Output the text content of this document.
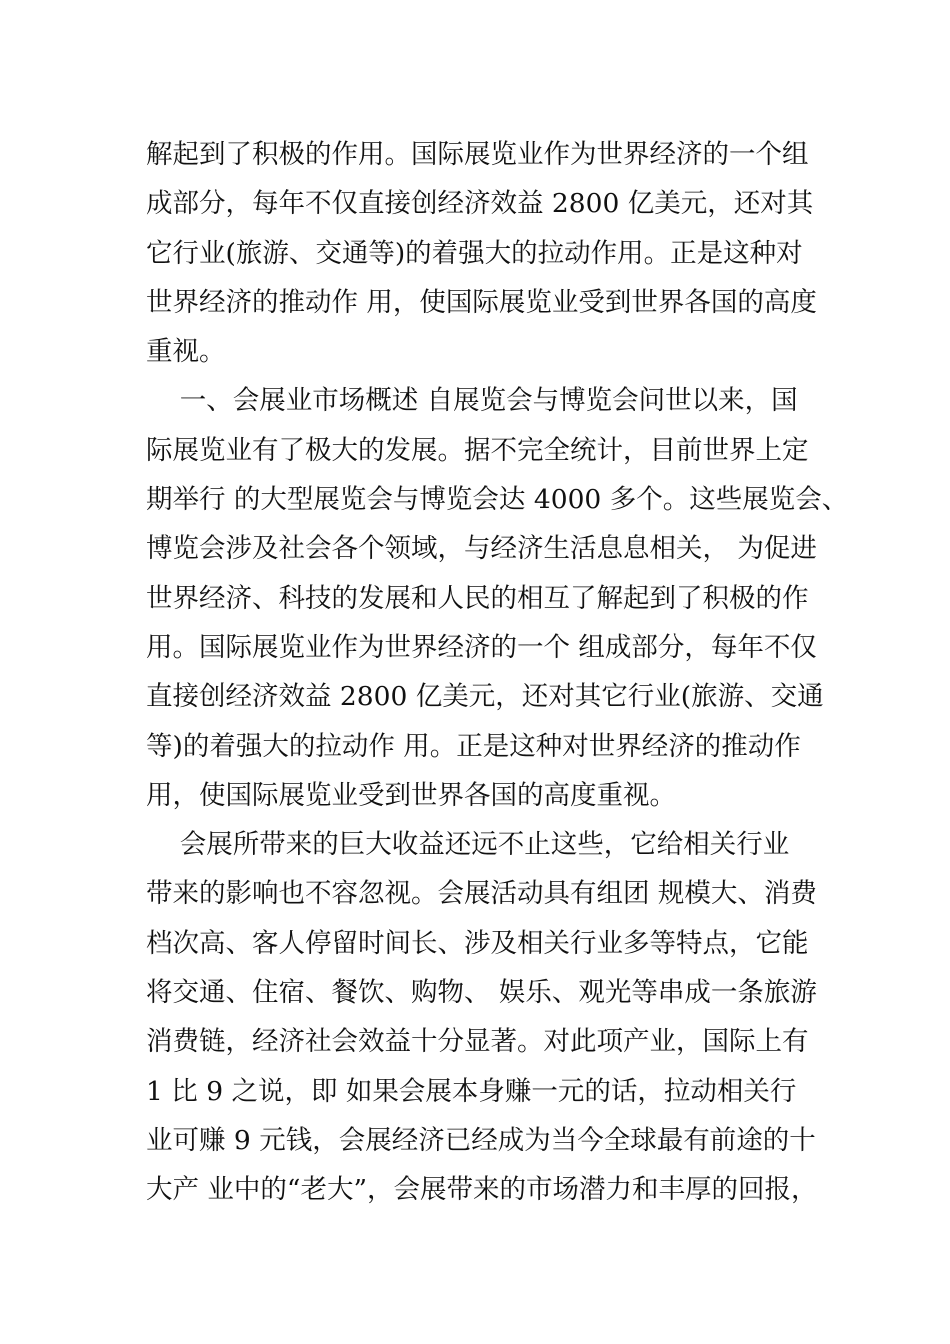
解起到了积极的作用。国际展览业作为世界经济的一个组
成部分，每年不仅直接创经济效益 2800 亿美元，还对其
它行业(旅游、交通等)的着强大的拉动作用。正是这种对
世界经济的推动作 用，使国际展览业受到世界各国的高度
重视。
一、会展业市场概述 自展览会与博览会问世以来，国
际展览业有了极大的发展。据不完全统计，目前世界上定
期举行 的大型展览会与博览会达 4000 多个。这些展览会、
博览会涉及社会各个领域，与经济生活息息相关， 为促进
世界经济、科技的发展和人民的相互了解起到了积极的作
用。国际展览业作为世界经济的一个 组成部分，每年不仅
直接创经济效益 2800 亿美元，还对其它行业(旅游、交通
等)的着强大的拉动作 用。正是这种对世界经济的推动作
用，使国际展览业受到世界各国的高度重视。
会展所带来的巨大收益还远不止这些，它给相关行业
带来的影响也不容忽视。会展活动具有组团 规模大、消费
档次高、客人停留时间长、涉及相关行业多等特点，它能
将交通、住宿、餐饮、购物、 娱乐、观光等串成一条旅游
消费链，经济社会效益十分显著。对此项产业，国际上有
1 比 9 之说，即 如果会展本身赚一元的话，拉动相关行
业可赚 9 元钱，会展经济已经成为当今全球最有前途的十
大产 业中的“老大”，会展带来的市场潜力和丰厚的回报，
